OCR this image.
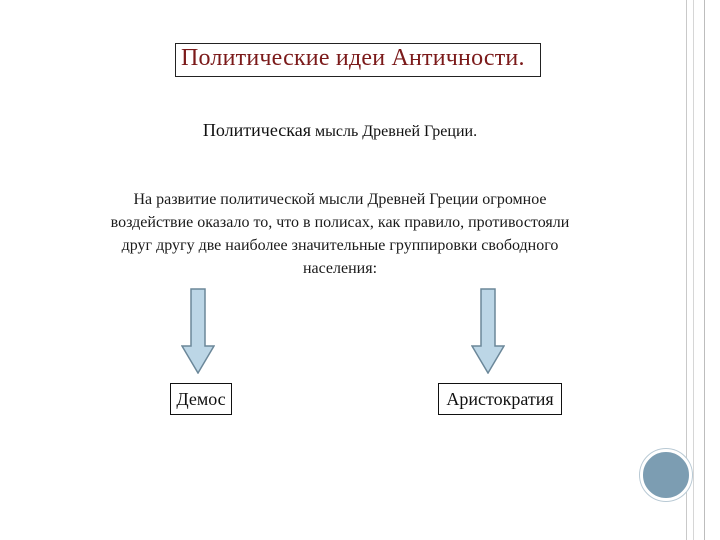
Политические идеи Античности.
Политическая мысль Древней Греции.
На развитие политической мысли Древней Греции огромное воздействие оказало то, что в полисах, как правило, противостояли друг другу две наиболее значительные группировки свободного населения:
Демос	Аристократия
